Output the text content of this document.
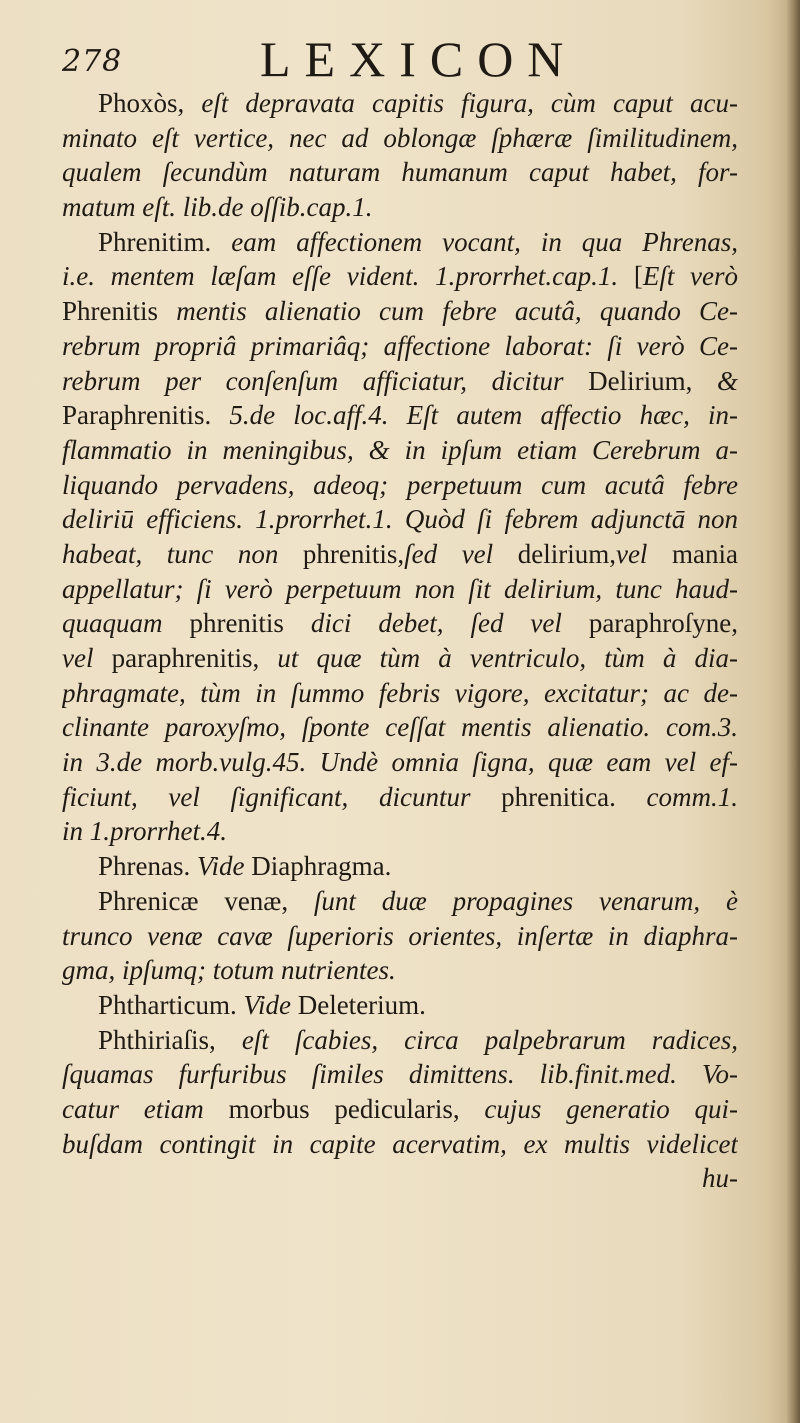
278	LEXICON
Phoxòs, eſt depravata capitis figura, cùm caput acu-
minato eſt vertice, nec ad oblongæ ſphæræ ſimilitudinem,
qualem ſecundùm naturam humanum caput habet, for-
matum eſt. lib.de oſſib.cap.1.
Phrenitim. eam affectionem vocant, in qua Phrenas,
i.e. mentem læſam eſſe vident. 1.prorrhet.cap.1. [Eſt verò
Phrenitis mentis alienatio cum febre acutâ, quando Ce-
rebrum propriâ primariâq; affectione laborat: ſi verò Ce-
rebrum per conſenſum afficiatur, dicitur Delirium, &
Paraphrenitis. 5.de loc.aff.4. Eſt autem affectio hæc, in-
flammatio in meningibus, & in ipſum etiam Cerebrum a-
liquando pervadens, adeoq; perpetuum cum acutâ febre
deliriū efficiens. 1.prorrhet.1. Quòd ſi febrem adjunctā non
habeat, tunc non phrenitis,ſed vel delirium,vel mania
appellatur; ſi verò perpetuum non ſit delirium, tunc haud-
quaquam phrenitis dici debet, ſed vel paraphroſyne,
vel paraphrenitis, ut quæ tùm à ventriculo, tùm à dia-
phragmate, tùm in ſummo febris vigore, excitatur; ac de-
clinante paroxyſmo, ſponte ceſſat mentis alienatio. com.3.
in 3.de morb.vulg.45. Undè omnia ſigna, quæ eam vel ef-
ficiunt, vel ſignificant, dicuntur phrenitica. comm.1.
in 1.prorrhet.4.
Phrenas. Vide Diaphragma.
Phrenicæ venæ, ſunt duæ propagines venarum, è
trunco venæ cavæ ſuperioris orientes, inſertæ in diaphra-
gma, ipſumq; totum nutrientes.
Phtharticum. Vide Deleterium.
Phthiriaſis, eſt ſcabies, circa palpebrarum radices,
ſquamas furfuribus ſimiles dimittens. lib.finit.med. Vo-
catur etiam morbus pedicularis, cujus generatio qui-
buſdam contingit in capite acervatim, ex multis videlicet
hu-
